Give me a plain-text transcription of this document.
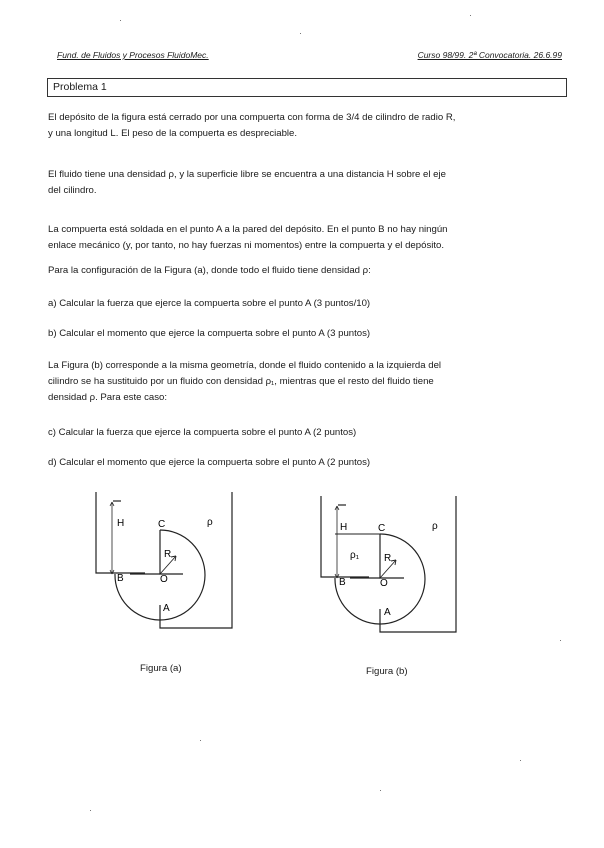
Fund. de Fluidos y Procesos FluidoMec.	Curso 98/99. 2ª Convocatoria. 26.6.99
Problema 1
El depósito de la figura está cerrado por una compuerta con forma de 3/4 de cilindro de radio R,
y una longitud L. El peso de la compuerta es despreciable.
El fluido tiene una densidad ρ, y la superficie libre se encuentra a una distancia H sobre el eje
del cilindro.
La compuerta está soldada en el punto A a la pared del depósito. En el punto B no hay ningún
enlace mecánico (y, por tanto, no hay fuerzas ni momentos) entre la compuerta y el depósito.
Para la configuración de la Figura (a), donde todo el fluido tiene densidad ρ:
a) Calcular la fuerza que ejerce la compuerta sobre el punto A (3 puntos/10)
b) Calcular el momento que ejerce la compuerta sobre el punto A (3 puntos)
La Figura (b) corresponde a la misma geometría, donde el fluido contenido a la izquierda del
cilindro se ha sustituido por un fluido con densidad ρ₁, mientras que el resto del fluido tiene
densidad ρ. Para este caso:
c) Calcular la fuerza que ejerce la compuerta sobre el punto A (2 puntos)
d) Calcular el momento que ejerce la compuerta sobre el punto A (2 puntos)
H	C
R
O
B
A
ρ
Figura (a)
H	C
R
O
B
A
ρ
ρ₁
Figura (b)
